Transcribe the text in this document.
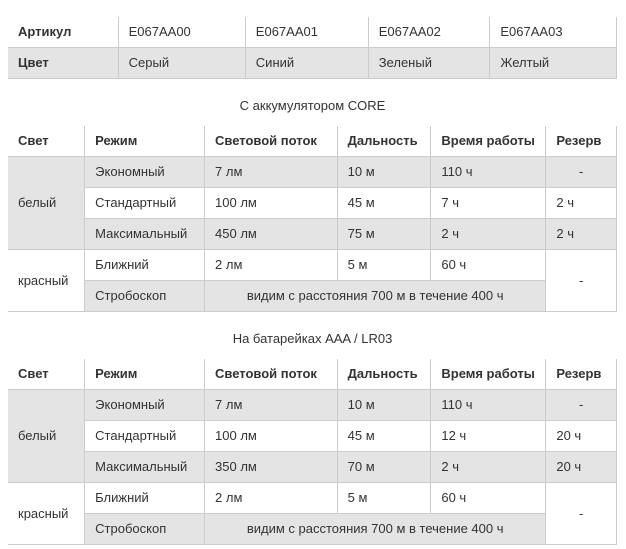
Артикул	E067AA00	E067AA01	E067AA02	E067AA03
Цвет	Серый	Синий	Зеленый	Желтый
С аккумулятором CORE
Свет	Режим	Световой поток	Дальность	Время работы	Резерв
белый	Экономный	7 лм	10 м	110 ч	-
	Стандартный	100 лм	45 м	7 ч	2 ч
	Максимальный	450 лм	75 м	2 ч	2 ч
красный	Ближний	2 лм	5 м	60 ч	-
	Стробоскоп	видим с расстояния 700 м в течение 400 ч			
На батарейках AAA / LR03
Свет	Режим	Световой поток	Дальность	Время работы	Резерв
белый	Экономный	7 лм	10 м	110 ч	-
	Стандартный	100 лм	45 м	12 ч	20 ч
	Максимальный	350 лм	70 м	2 ч	20 ч
красный	Ближний	2 лм	5 м	60 ч	-
	Стробоскоп	видим с расстояния 700 м в течение 400 ч			
